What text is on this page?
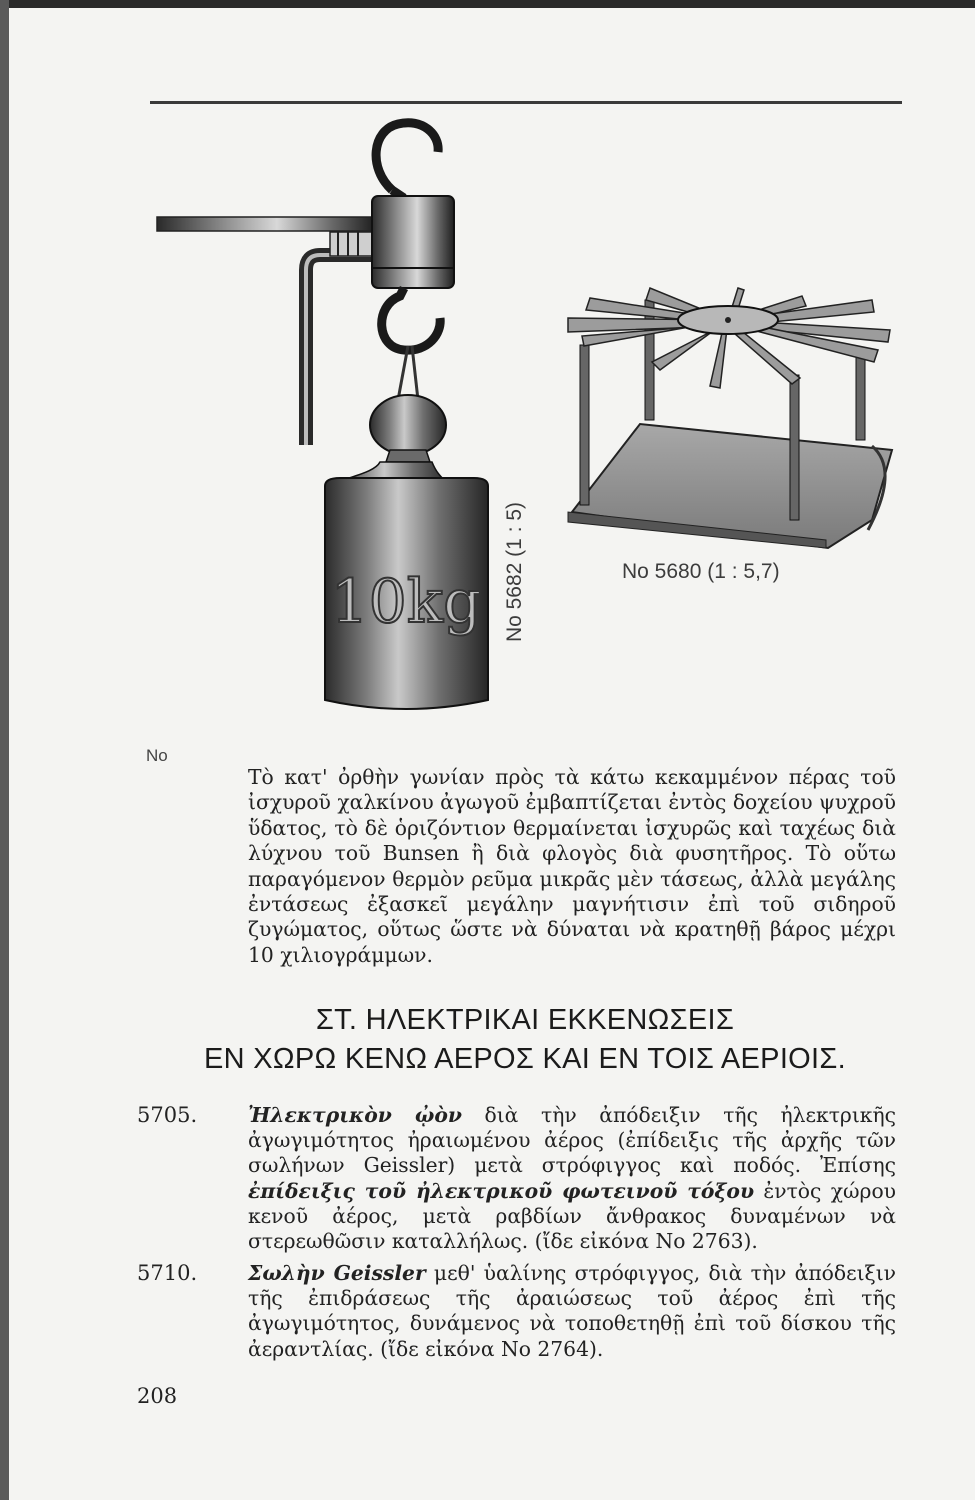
10kg No 5682 (1 : 5)	No 5680 (1 : 5,7)
No
Τὸ κατ' ὀρθὴν γωνίαν πρὸς τὰ κάτω κεκαμμένον πέρας τοῦ ἰσχυροῦ χαλκίνου ἀγωγοῦ ἐμβαπτίζεται ἐντὸς δοχείου ψυχροῦ ὕδατος, τὸ δὲ ὁριζόντιον θερμαίνεται ἰσχυρῶς καὶ ταχέως διὰ λύχνου τοῦ Bunsen ἢ διὰ φλογὸς διὰ φυσητῆρος. Τὸ οὕτω παραγόμενον θερμὸν ρεῦμα μικρᾶς μὲν τάσεως, ἀλλὰ μεγάλης ἐντάσεως ἐξασκεῖ μεγάλην μαγνήτισιν ἐπὶ τοῦ σιδηροῦ ζυγώματος, οὕτως ὥστε νὰ δύναται νὰ κρατηθῇ βάρος μέχρι 10 χιλιογράμμων.
ΣΤ. ΗΛΕΚΤΡΙΚΑΙ ΕΚΚΕΝΩΣΕΙΣ
ΕΝ ΧΩΡΩ ΚΕΝΩ ΑΕΡΟΣ ΚΑΙ ΕΝ ΤΟΙΣ ΑΕΡΙΟΙΣ.
5705.	Ἠλεκτρικὸν ᾠὸν διὰ τὴν ἀπόδειξιν τῆς ἠλεκτρικῆς ἀγωγιμότητος ἠραιωμένου ἀέρος (ἐπίδειξις τῆς ἀρχῆς τῶν σωλήνων Geissler) μετὰ στρόφιγγος καὶ ποδός. Ἐπίσης ἐπίδειξις τοῦ ἠλεκτρικοῦ φωτεινοῦ τόξου ἐντὸς χώρου κενοῦ ἀέρος, μετὰ ραβδίων ἄνθρακος δυναμένων νὰ στερεωθῶσιν καταλλήλως. (ἴδε εἰκόνα Νο 2763).
5710.	Σωλὴν Geissler μεθ' ὑαλίνης στρόφιγγος, διὰ τὴν ἀπόδειξιν τῆς ἐπιδράσεως τῆς ἀραιώσεως τοῦ ἀέρος ἐπὶ τῆς ἀγωγιμότητος, δυνάμενος νὰ τοποθετηθῇ ἐπὶ τοῦ δίσκου τῆς ἀεραντλίας. (ἴδε εἰκόνα Νο 2764).
208
